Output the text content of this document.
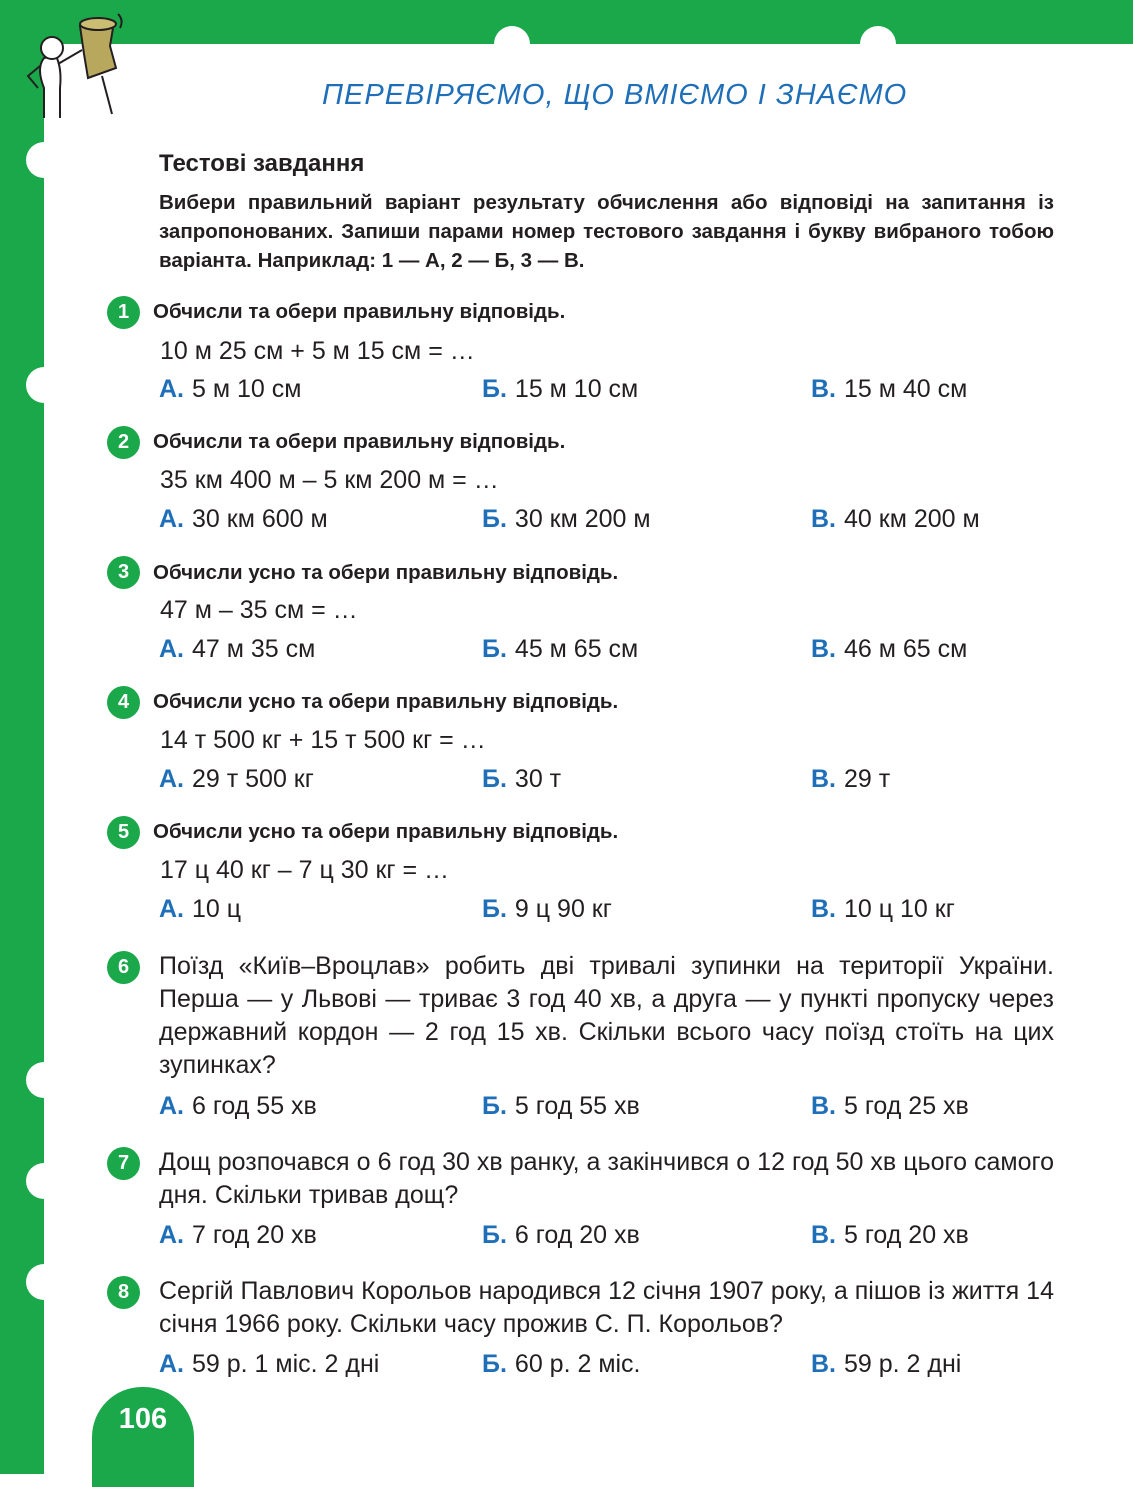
ПЕРЕВІРЯЄМО, ЩО ВМІЄМО І ЗНАЄМО
Тестові завдання
Вибери правильний варіант результату обчислення або відповіді на запитання із запропонованих. Запиши парами номер тестового завдання і букву вибраного тобою варіанта. Наприклад: 1 — А, 2 — Б, 3 — В.
1	Обчисли та обери правильну відповідь.
10 м 25 см + 5 м 15 см = …
А. 5 м 10 см	Б. 15 м 10 см	В. 15 м 40 см
2	Обчисли та обери правильну відповідь.
35 км 400 м – 5 км 200 м = …
А. 30 км 600 м	Б. 30 км 200 м	В. 40 км 200 м
3	Обчисли усно та обери правильну відповідь.
47 м – 35 см = …
А. 47 м 35 см	Б. 45 м 65 см	В. 46 м 65 см
4	Обчисли усно та обери правильну відповідь.
14 т 500 кг + 15 т 500 кг = …
А. 29 т 500 кг	Б. 30 т	В. 29 т
5	Обчисли усно та обери правильну відповідь.
17 ц 40 кг – 7 ц 30 кг = …
А. 10 ц	Б. 9 ц 90 кг	В. 10 ц 10 кг
6	Поїзд «Київ–Вроцлав» робить дві тривалі зупинки на території України. Перша — у Львові — триває 3 год 40 хв, а друга — у пункті пропуску через державний кордон — 2 год 15 хв. Скільки всього часу поїзд стоїть на цих зупинках?
А. 6 год 55 хв	Б. 5 год 55 хв	В. 5 год 25 хв
7	Дощ розпочався о 6 год 30 хв ранку, а закінчився о 12 год 50 хв цього самого дня. Скільки тривав дощ?
А. 7 год 20 хв	Б. 6 год 20 хв	В. 5 год 20 хв
8	Сергій Павлович Корольов народився 12 січня 1907 року, а пішов із життя 14 січня 1966 року. Скільки часу прожив С. П. Корольов?
А. 59 р. 1 міс. 2 дні	Б. 60 р. 2 міс.	В. 59 р. 2 дні
106
